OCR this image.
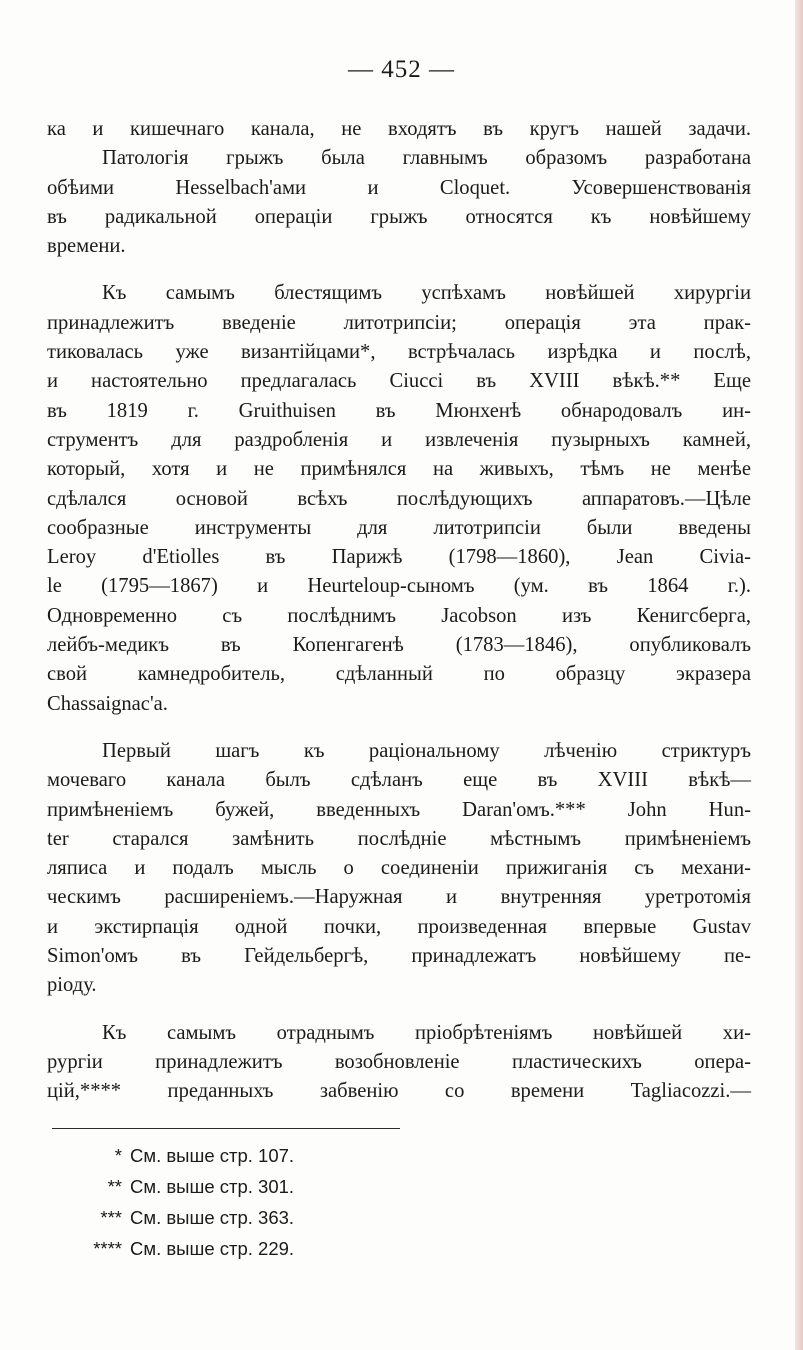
— 452 —
ка и кишечнаго канала, не входятъ въ кругъ нашей задачи.
Патологія грыжъ была главнымъ образомъ разработана
обѣими Hesselbach'ами и Cloquet. Усовершенствованія
въ радикальной операціи грыжъ относятся къ новѣйшему
времени.
Къ самымъ блестящимъ успѣхамъ новѣйшей хирургіи
принадлежитъ введеніе литотрипсіи; операція эта прак-
тиковалась уже византійцами*, встрѣчалась изрѣдка и послѣ,
и настоятельно предлагалась Ciucci въ XVIII вѣкѣ.** Еще
въ 1819 г. Gruithuisen въ Мюнхенѣ обнародовалъ ин-
струментъ для раздробленія и извлеченія пузырныхъ камней,
который, хотя и не примѣнялся на живыхъ, тѣмъ не менѣе
сдѣлался основой всѣхъ послѣдующихъ аппаратовъ.—Цѣле
сообразные инструменты для литотрипсіи были введены
Leroy d'Etiolles въ Парижѣ (1798—1860), Jean Civia-
le (1795—1867) и Heurteloup-сыномъ (ум. въ 1864 г.).
Одновременно съ послѣднимъ Jacobson изъ Кенигсберга,
лейбъ-медикъ въ Копенгагенѣ (1783—1846), опубликовалъ
свой камнедробитель, сдѣланный по образцу экразера
Chassaignac'a.
Первый шагъ къ раціональному лѣченію стриктуръ
мочеваго канала былъ сдѣланъ еще въ XVIII вѣкѣ—
примѣненіемъ бужей, введенныхъ Daran'омъ.*** John Hun-
ter старался замѣнить послѣдніе мѣстнымъ примѣненіемъ
ляписа и подалъ мысль о соединеніи прижиганія съ механи-
ческимъ расширеніемъ.—Наружная и внутренняя уретротомія
и экстирпація одной почки, произведенная впервые Gustav
Simon'омъ въ Гейдельбергѣ, принадлежатъ новѣйшему пе-
ріоду.
Къ самымъ отраднымъ пріобрѣтеніямъ новѣйшей хи-
рургіи принадлежитъ возобновленіе пластическихъ опера-
цій,**** преданныхъ забвенію со времени Tagliacozzi.—
* См. выше стр. 107.
** См. выше стр. 301.
*** См. выше стр. 363.
**** См. выше стр. 229.
